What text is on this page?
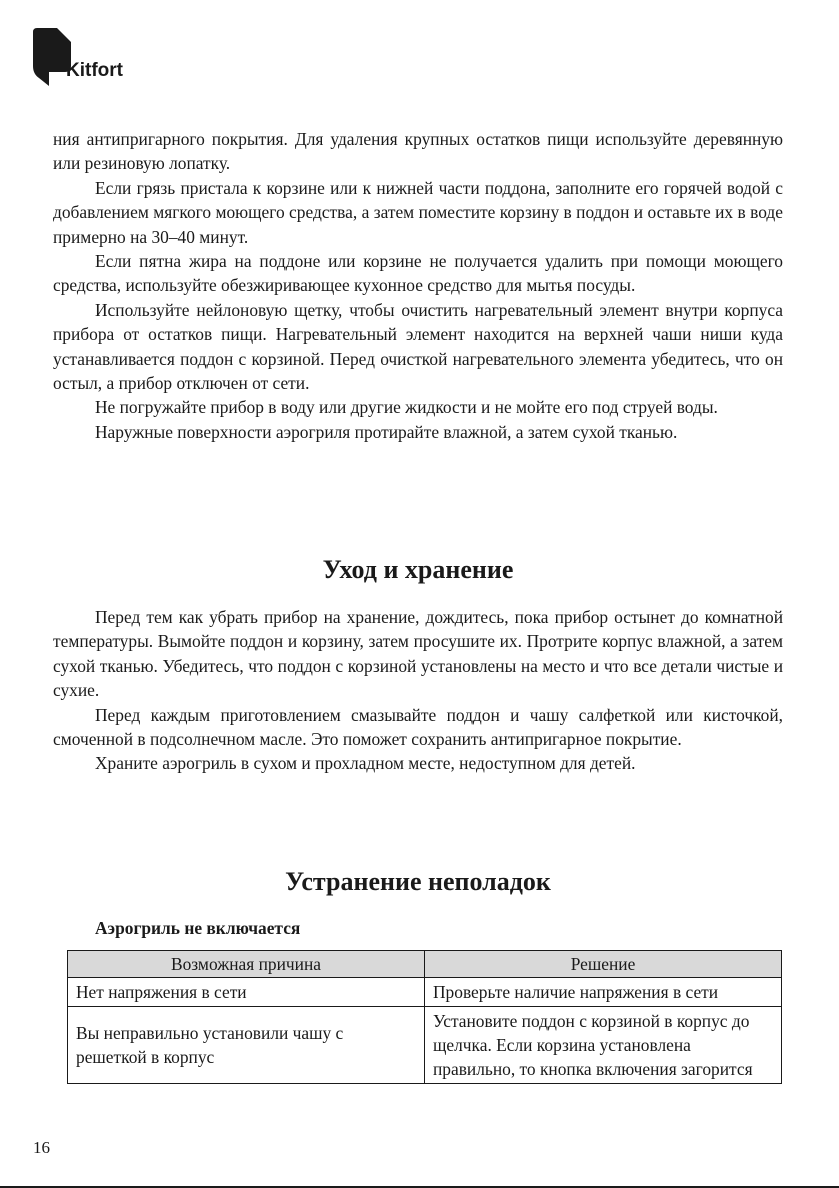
Kitfort

ния антипригарного покрытия. Для удаления крупных остатков пищи используйте деревянную или резиновую лопатку.

Если грязь пристала к корзине или к нижней части поддона, заполните его горячей водой с добавлением мягкого моющего средства, а затем поместите корзину в поддон и оставьте их в воде примерно на 30–40 минут.

Если пятна жира на поддоне или корзине не получается удалить при помощи моющего средства, используйте обезжиривающее кухонное средство для мытья посуды.

Используйте нейлоновую щетку, чтобы очистить нагревательный элемент внутри корпуса прибора от остатков пищи. Нагревательный элемент находится на верхней чаши ниши куда устанавливается поддон с корзиной. Перед очисткой нагревательного элемента убедитесь, что он остыл, а прибор отключен от сети.

Не погружайте прибор в воду или другие жидкости и не мойте его под струей воды.

Наружные поверхности аэрогриля протирайте влажной, а затем сухой тканью.

Уход и хранение

Перед тем как убрать прибор на хранение, дождитесь, пока прибор остынет до комнатной температуры. Вымойте поддон и корзину, затем просушите их. Протрите корпус влажной, а затем сухой тканью. Убедитесь, что поддон с корзиной установлены на место и что все детали чистые и сухие.

Перед каждым приготовлением смазывайте поддон и чашу салфеткой или кисточкой, смоченной в подсолнечном масле. Это поможет сохранить антипригарное покрытие.

Храните аэрогриль в сухом и прохладном месте, недоступном для детей.

Устранение неполадок
Аэрогриль не включается
Возможная причина	Решение
Нет напряжения в сети	Проверьте наличие напряжения в сети
Вы неправильно установили чашу с решеткой в корпус	Установите поддон с корзиной в корпус до щелчка. Если корзина установлена правильно, то кнопка включения загорится
16
